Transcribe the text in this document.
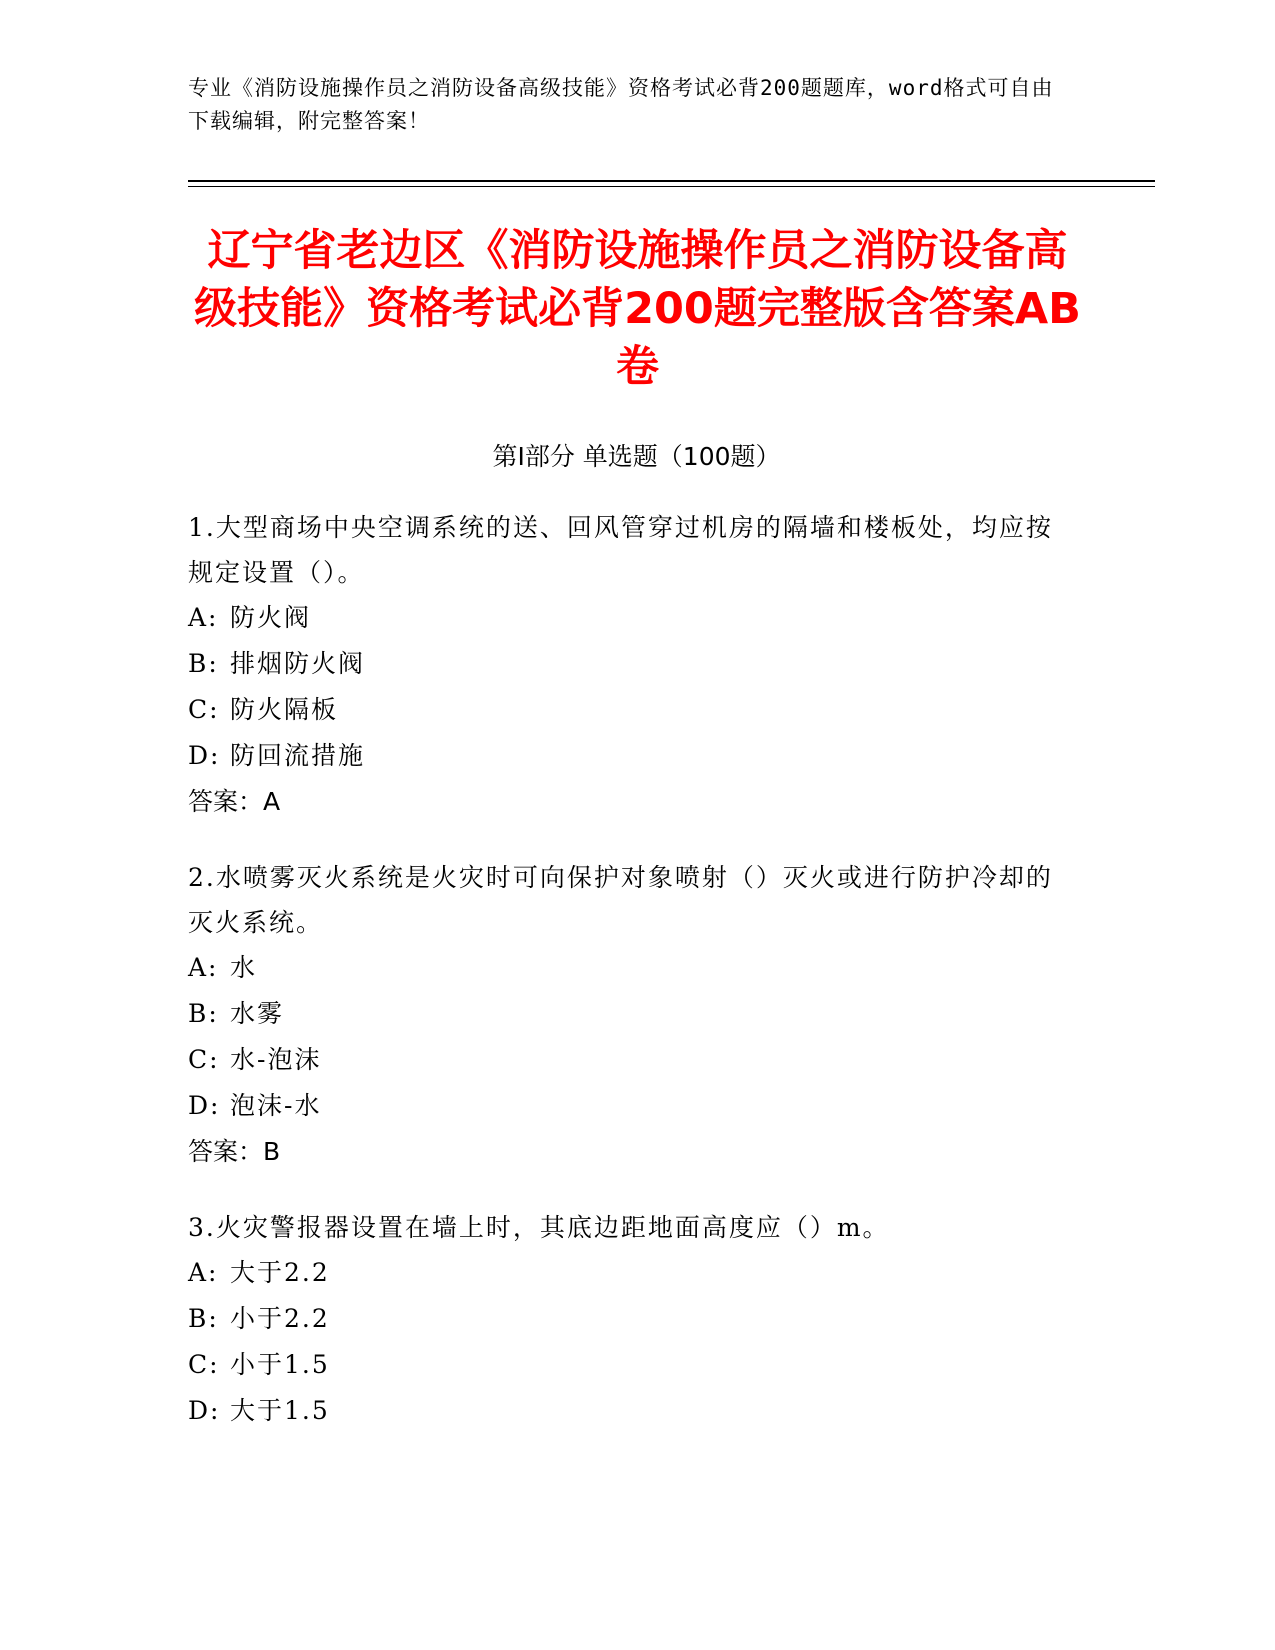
专业《消防设施操作员之消防设备高级技能》资格考试必背200题题库，word格式可自由下载编辑，附完整答案！
辽宁省老边区《消防设施操作员之消防设备高级技能》资格考试必背200题完整版含答案AB卷
第I部分 单选题（100题）
1.大型商场中央空调系统的送、回风管穿过机房的隔墙和楼板处，均应按规定设置（）。
A: 防火阀
B: 排烟防火阀
C: 防火隔板
D: 防回流措施
答案：A
2.水喷雾灭火系统是火灾时可向保护对象喷射（）灭火或进行防护冷却的灭火系统。
A: 水
B: 水雾
C: 水-泡沫
D: 泡沫-水
答案：B
3.火灾警报器设置在墙上时，其底边距地面高度应（）m。
A: 大于2.2
B: 小于2.2
C: 小于1.5
D: 大于1.5
